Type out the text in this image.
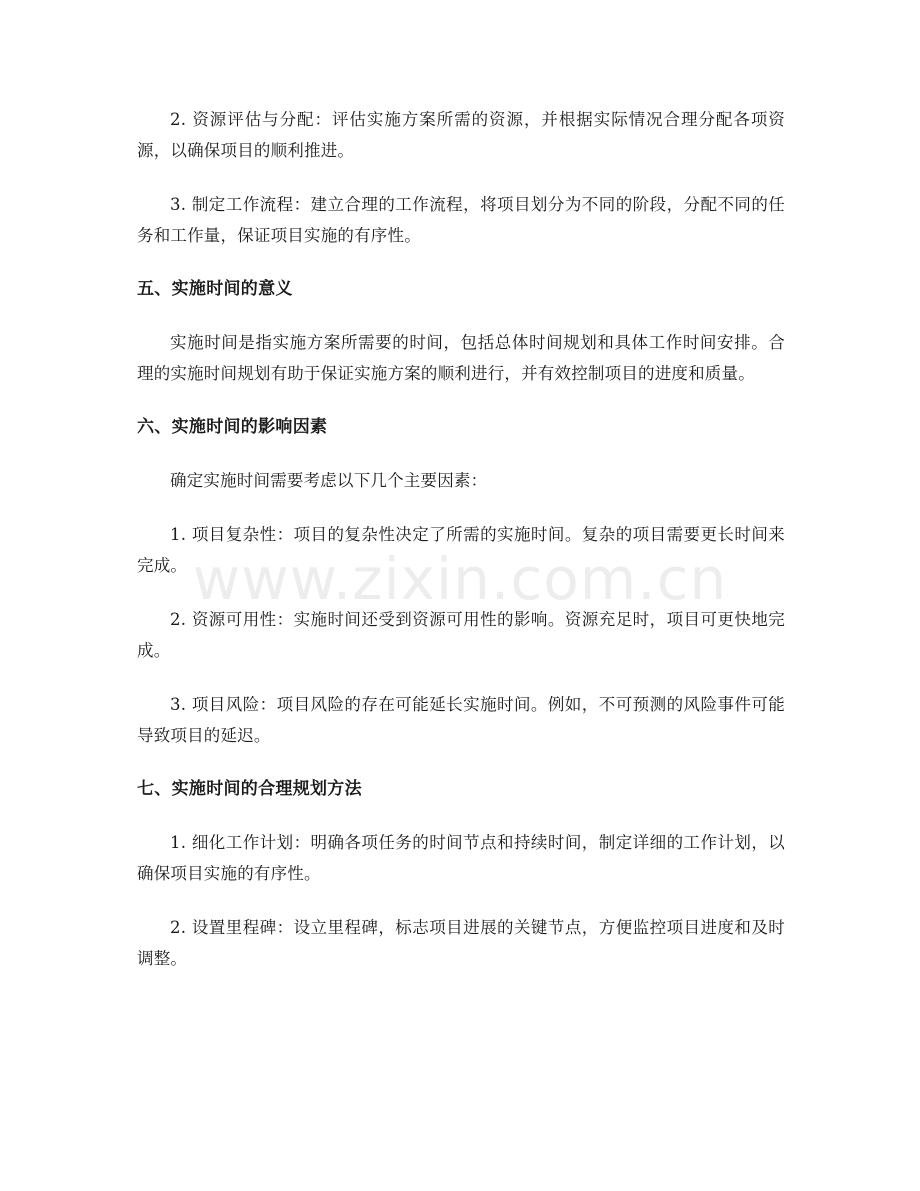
2. 资源评估与分配：评估实施方案所需的资源，并根据实际情况合理分配各项资源，以确保项目的顺利推进。

3. 制定工作流程：建立合理的工作流程，将项目划分为不同的阶段，分配不同的任务和工作量，保证项目实施的有序性。

五、实施时间的意义

实施时间是指实施方案所需要的时间，包括总体时间规划和具体工作时间安排。合理的实施时间规划有助于保证实施方案的顺利进行，并有效控制项目的进度和质量。

六、实施时间的影响因素

确定实施时间需要考虑以下几个主要因素：

1. 项目复杂性：项目的复杂性决定了所需的实施时间。复杂的项目需要更长时间来完成。

2. 资源可用性：实施时间还受到资源可用性的影响。资源充足时，项目可更快地完成。

3. 项目风险：项目风险的存在可能延长实施时间。例如，不可预测的风险事件可能导致项目的延迟。

七、实施时间的合理规划方法

1. 细化工作计划：明确各项任务的时间节点和持续时间，制定详细的工作计划，以确保项目实施的有序性。

2. 设置里程碑：设立里程碑，标志项目进展的关键节点，方便监控项目进度和及时调整。

www.zixin.com.cn
